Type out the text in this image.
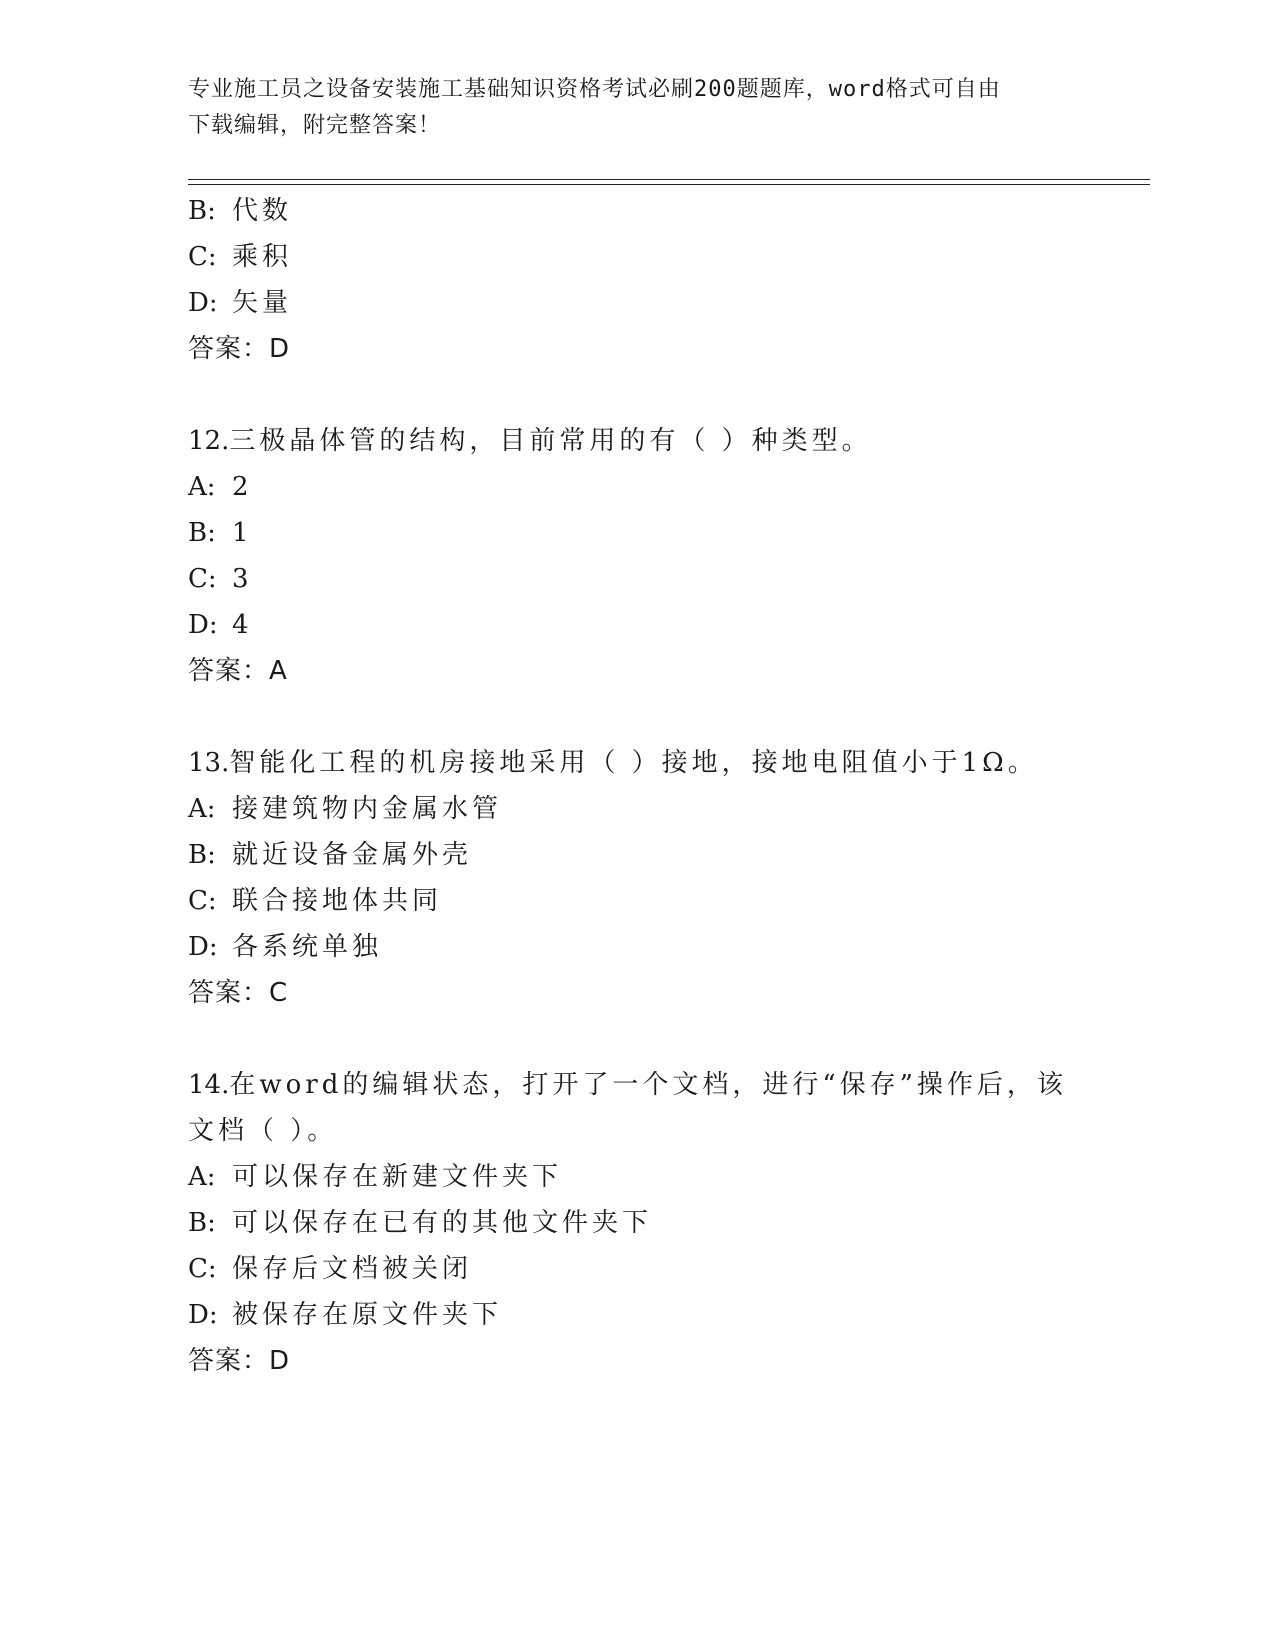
专业施工员之设备安装施工基础知识资格考试必刷200题题库，word格式可自由
下载编辑，附完整答案！
B: 代数
C: 乘积
D: 矢量
答案：D
12.三极晶体管的结构，目前常用的有（ ）种类型。
A: 2
B: 1
C: 3
D: 4
答案：A
13.智能化工程的机房接地采用（ ）接地，接地电阻值小于1Ω。
A: 接建筑物内金属水管
B: 就近设备金属外壳
C: 联合接地体共同
D: 各系统单独
答案：C
14.在word的编辑状态，打开了一个文档，进行“保存”操作后，该文档（ ）。
A: 可以保存在新建文件夹下
B: 可以保存在已有的其他文件夹下
C: 保存后文档被关闭
D: 被保存在原文件夹下
答案：D
